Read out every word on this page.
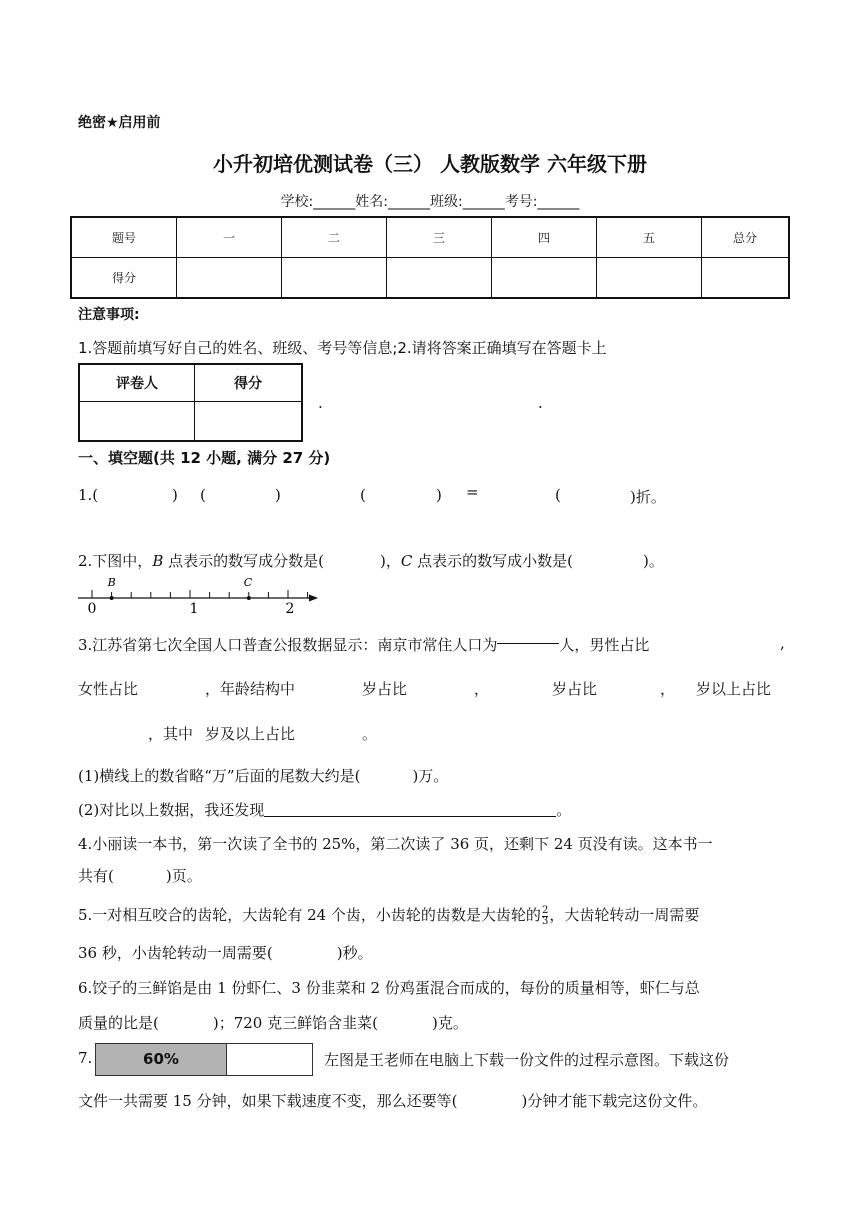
绝密★启用前
小升初培优测试卷（三） 人教版数学 六年级下册
学校:______姓名:______班级:______考号:______
题号	一	二	三	四	五	总分
得分						
注意事项:
1.答题前填写好自己的姓名、班级、考号等信息;2.请将答案正确填写在答题卡上
评卷人	得分

.	.
一、填空题(共 12 小题, 满分 27 分)
1.(	) (	)	(	) =	(	)折。
2.下图中，B 点表示的数写成分数是(	)，C 点表示的数写成小数是(	)。
B	C
0	1	2
3.江苏省第七次全国人口普查公报数据显示：南京市常住人口为	人，男性占比	,
女性占比	，年龄结构中	岁占比	，	岁占比	， 岁以上占比
，其中 岁及以上占比	。
(1)横线上的数省略“万”后面的尾数大约是(	)万。
(2)对比以上数据，我还发现	。
4.小丽读一本书，第一次读了全书的 25%，第二次读了 36 页，还剩下 24 页没有读。这本书一
共有(	)页。
5.一对相互咬合的齿轮，大齿轮有 24 个齿，小齿轮的齿数是大齿轮的 $\frac{2}{3}$ ，大齿轮转动一周需要
36 秒，小齿轮转动一周需要(	)秒。
6.饺子的三鲜馅是由 1 份虾仁、3 份韭菜和 2 份鸡蛋混合而成的，每份的质量相等，虾仁与总
质量的比是(	)；720 克三鲜馅含韭菜(	)克。
7.	60%	左图是王老师在电脑上下载一份文件的过程示意图。下载这份
文件一共需要 15 分钟，如果下载速度不变，那么还要等(	)分钟才能下载完这份文件。
